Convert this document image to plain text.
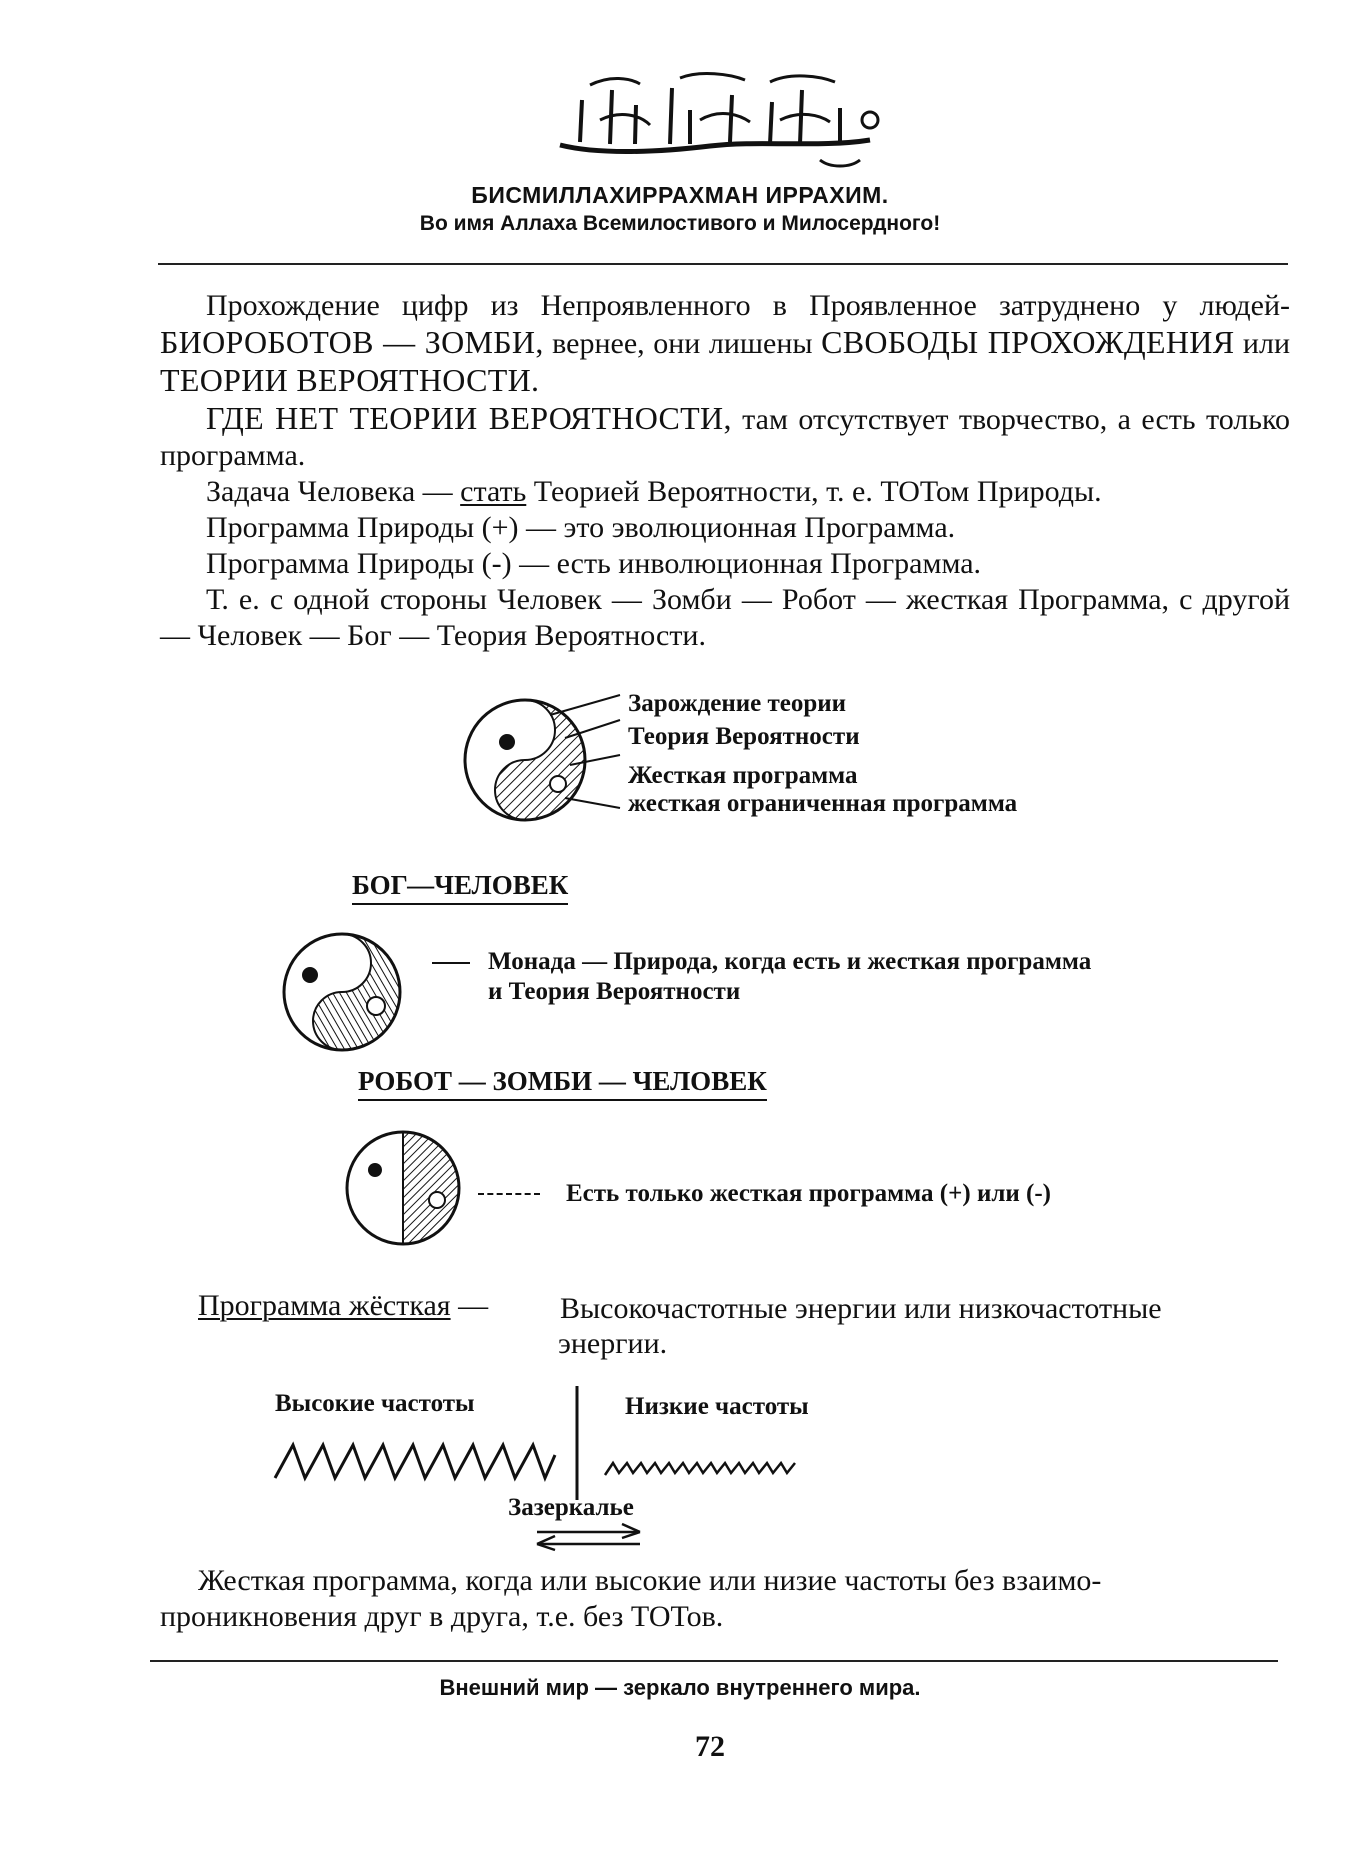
БИСМИЛЛАХИРРАХМАН ИРРАХИМ.
Во имя Аллаха Всемилостивого и Милосердного!

Прохождение цифр из Непроявленного в Проявленное затруднено у людей-БИОРОБОТОВ — ЗОМБИ, вернее, они лишены СВОБОДЫ ПРОХОЖДЕНИЯ или ТЕОРИИ ВЕРОЯТНОСТИ.

ГДЕ НЕТ ТЕОРИИ ВЕРОЯТНОСТИ, там отсутствует творчество, а есть только программа.

Задача Человека — стать Теорией Вероятности, т. е. ТОТом Природы.

Программа Природы (+) — это эволюционная Программа.

Программа Природы (-) — есть инволюционная Программа.

Т. е. с одной стороны Человек — Зомби — Робот — жесткая Программа, с другой — Человек — Бог — Теория Вероятности.

Зарождение теории
Теория Вероятности
Жесткая программа
жесткая ограниченная программа
БОГ—ЧЕЛОВЕК
Монада — Природа, когда есть и жесткая программа
и Теория Вероятности
РОБОТ — ЗОМБИ — ЧЕЛОВЕК
Есть только жесткая программа (+) или (-)
Программа жёсткая — Высокочастотные энергии или низкочастотные
энергии.
Высокие частоты	Низкие частоты
Зазеркалье
Жесткая программа, когда или высокие или низие частоты без взаимо-
проникновения друг в друга, т.е. без ТОТов.
Внешний мир — зеркало внутреннего мира.
72
